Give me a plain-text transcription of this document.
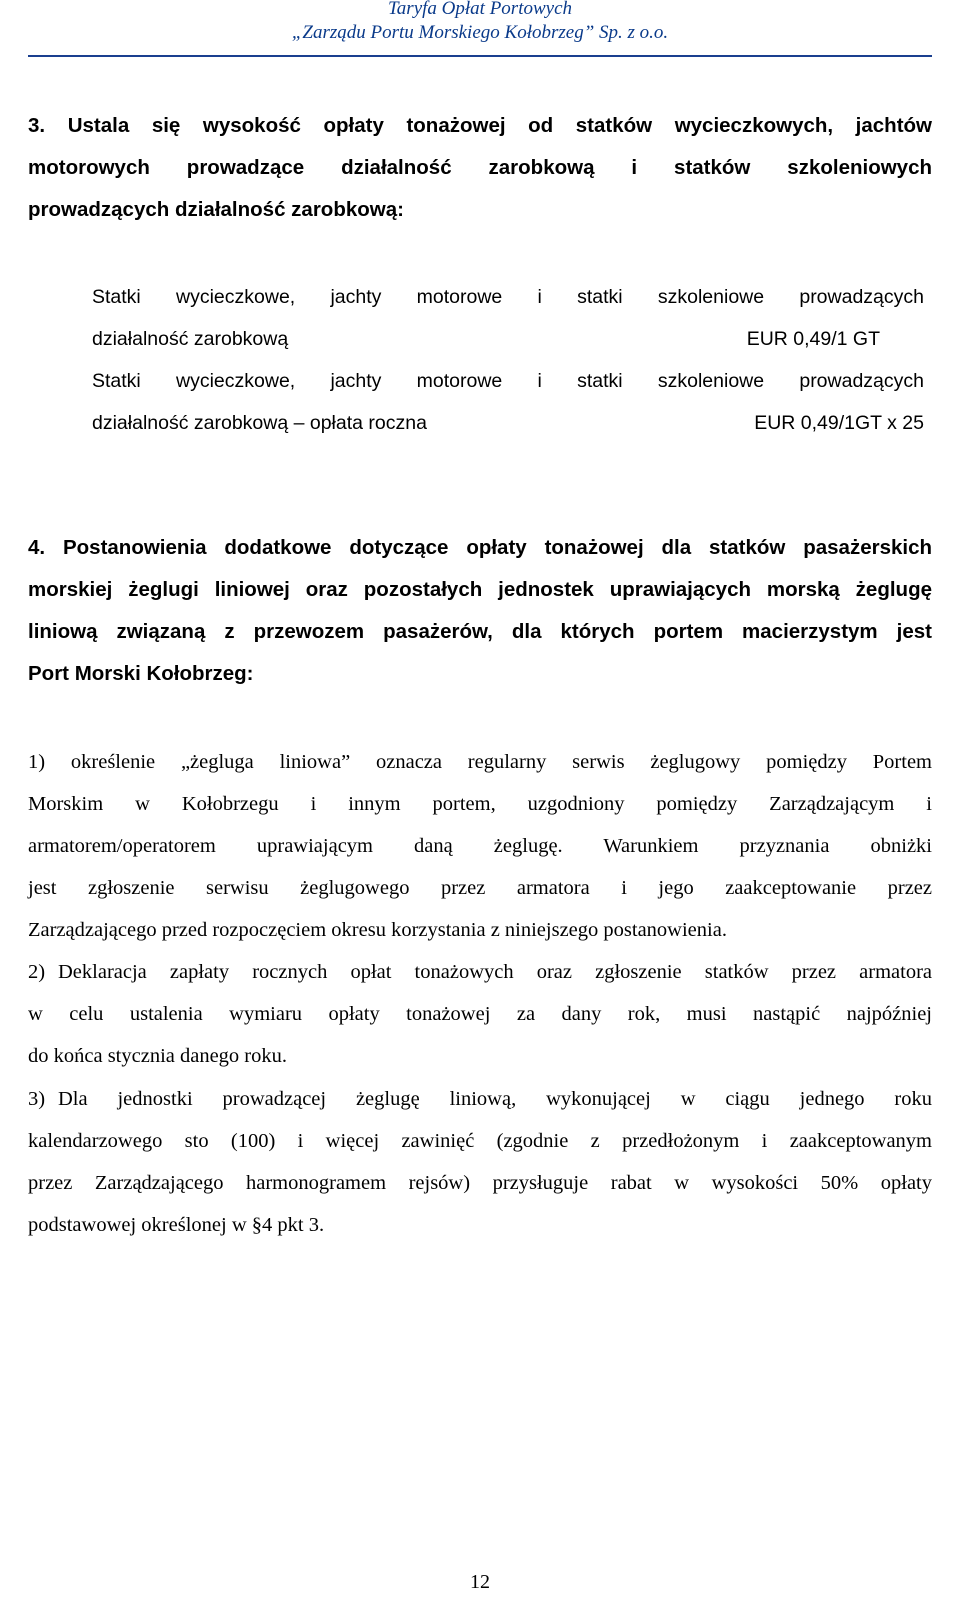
Taryfa Opłat Portowych
„Zarządu Portu Morskiego Kołobrzeg” Sp. z o.o.
3. Ustala się wysokość opłaty tonażowej od statków wycieczkowych, jachtów
motorowych prowadzące działalność zarobkową i statków szkoleniowych
prowadzących działalność zarobkową:
Statki wycieczkowe, jachty motorowe i statki szkoleniowe prowadzących
działalność zarobkową	EUR 0,49/1 GT
Statki wycieczkowe, jachty motorowe i statki szkoleniowe prowadzących
działalność zarobkową – opłata roczna	EUR 0,49/1GT x 25
4. Postanowienia dodatkowe dotyczące opłaty tonażowej dla statków pasażerskich
morskiej żeglugi liniowej oraz pozostałych jednostek uprawiających morską żeglugę
liniową związaną z przewozem pasażerów, dla których portem macierzystym jest
Port Morski Kołobrzeg:
1) określenie „żegluga liniowa” oznacza regularny serwis żeglugowy pomiędzy Portem
Morskim w Kołobrzegu i innym portem, uzgodniony pomiędzy Zarządzającym i
armatorem/operatorem uprawiającym daną żeglugę. Warunkiem przyznania obniżki
jest zgłoszenie serwisu żeglugowego przez armatora i jego zaakceptowanie przez
Zarządzającego przed rozpoczęciem okresu korzystania z niniejszego postanowienia.
2) Deklaracja zapłaty rocznych opłat tonażowych oraz zgłoszenie statków przez armatora
w celu ustalenia wymiaru opłaty tonażowej za dany rok, musi nastąpić najpóźniej
do końca stycznia danego roku.
3) Dla jednostki prowadzącej żeglugę liniową, wykonującej w ciągu jednego roku
kalendarzowego sto (100) i więcej zawinięć (zgodnie z przedłożonym i zaakceptowanym
przez Zarządzającego harmonogramem rejsów) przysługuje rabat w wysokości 50% opłaty
podstawowej określonej w §4 pkt 3.
12
